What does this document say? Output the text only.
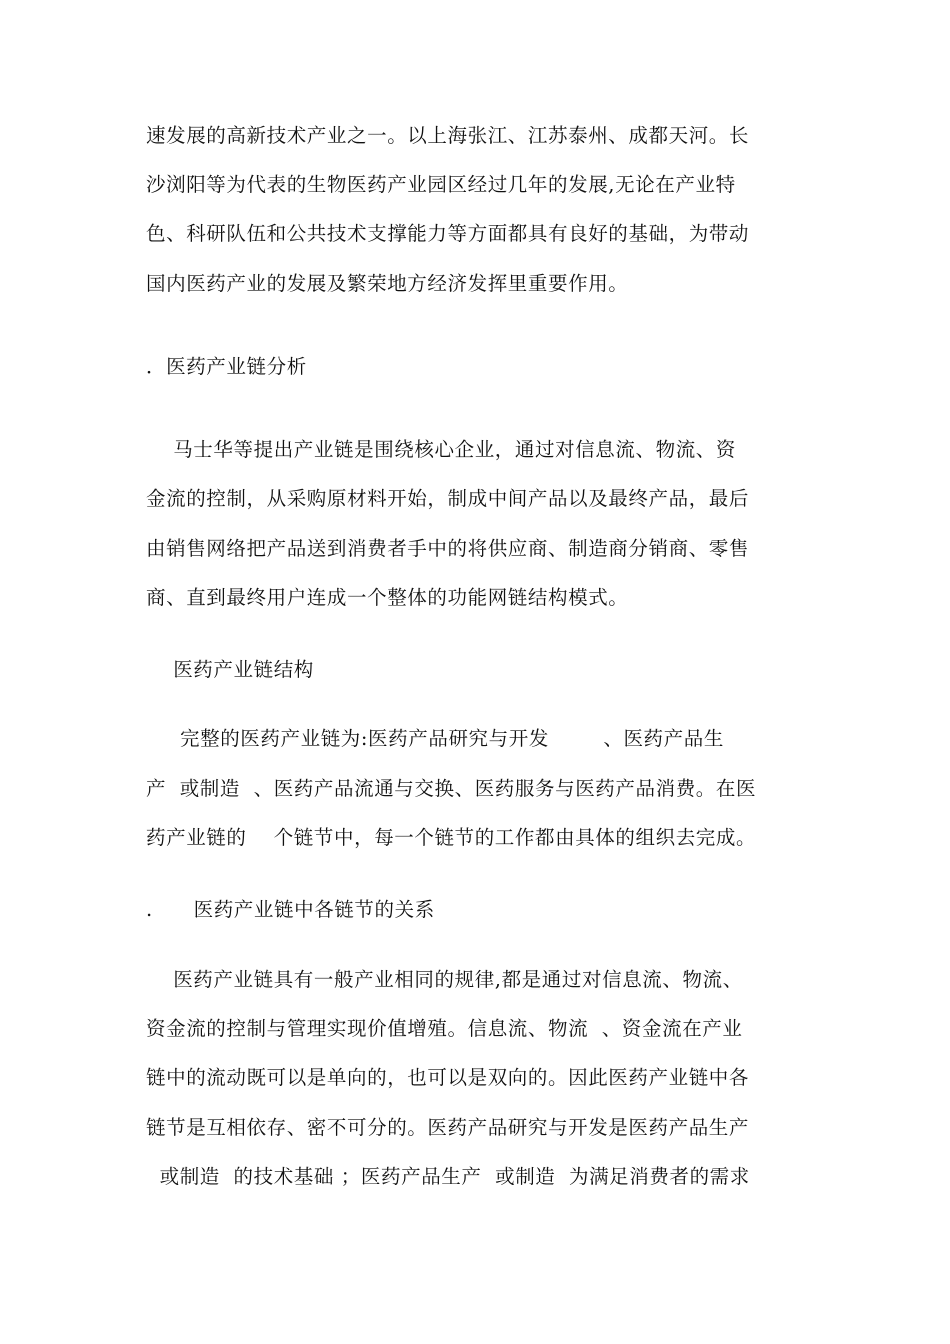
速发展的高新技术产业之一。以上海张江、江苏泰州、成都天河。长
沙浏阳等为代表的生物医药产业园区经过几年的发展,无论在产业特
色、科研队伍和公共技术支撑能力等方面都具有良好的基础，为带动
国内医药产业的发展及繁荣地方经济发挥里重要作用。
．医药产业链分析
马士华等提出产业链是围绕核心企业，通过对信息流、物流、资
金流的控制，从采购原材料开始，制成中间产品以及最终产品，最后
由销售网络把产品送到消费者手中的将供应商、制造商分销商、零售
商、直到最终用户连成一个整体的功能网链结构模式。
医药产业链结构
完整的医药产业链为:医药产品研究与开发        、医药产品生
产  或制造  、医药产品流通与交换、医药服务与医药产品消费。在医
药产业链的    个链节中，每一个链节的工作都由具体的组织去完成。
.      医药产业链中各链节的关系
医药产业链具有一般产业相同的规律,都是通过对信息流、物流、
资金流的控制与管理实现价值增殖。信息流、物流  、资金流在产业
链中的流动既可以是单向的，也可以是双向的。因此医药产业链中各
链节是互相依存、密不可分的。医药产品研究与开发是医药产品生产
或制造  的技术基础 ；医药产品生产  或制造  为满足消费者的需求
